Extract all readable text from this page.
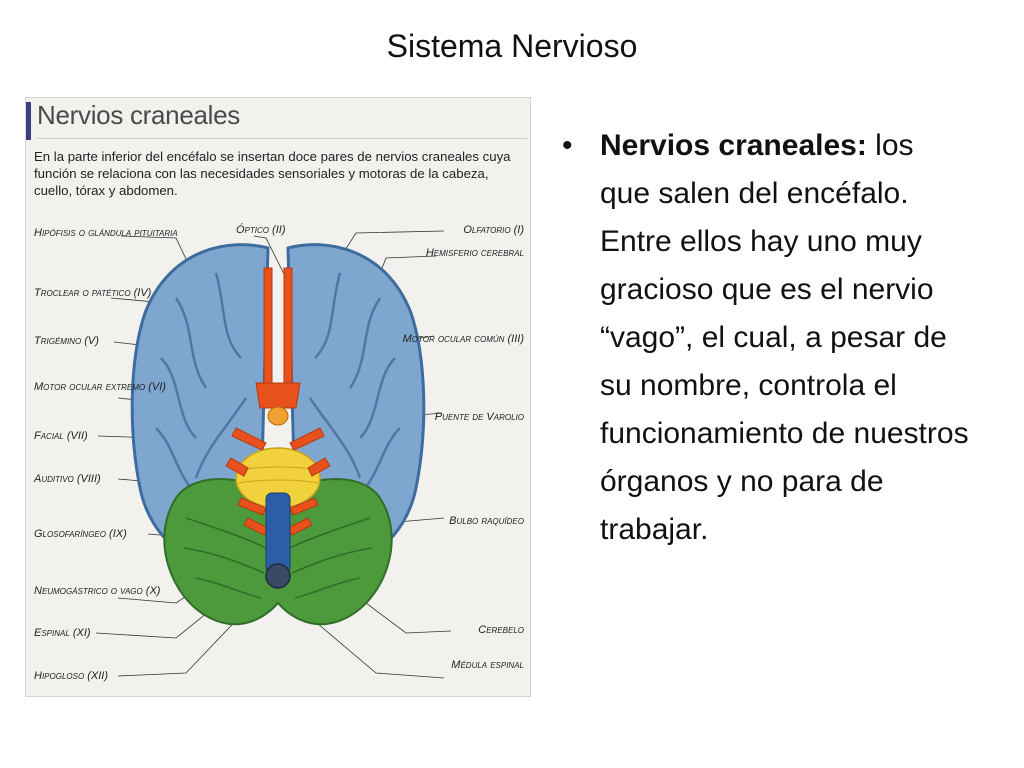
Sistema Nervioso
Nervios craneales
En la parte inferior del encéfalo se insertan doce pares de nervios craneales cuya función se relaciona con las necesidades sensoriales y motoras de la cabeza, cuello, tórax y abdomen.
Hipófisis o glándula pituitaria
Troclear o patético (IV)
Trigémino (V)
Motor ocular extremo (VI)
Facial (VII)
Auditivo (VIII)
Glosofaríngeo (IX)
Neumogástrico o vago (X)
Espinal (XI)
Hipogloso (XII)
Óptico (II)	Olfatorio (I)
Hemisferio cerebral
Motor ocular común (III)
Puente de Varolio
Bulbo raquídeo
Cerebelo
Médula espinal
• Nervios craneales: los que salen del encéfalo. Entre ellos hay uno muy gracioso que es el nervio “vago”, el cual, a pesar de su nombre, controla el funcionamiento de nuestros órganos y no para de trabajar.
